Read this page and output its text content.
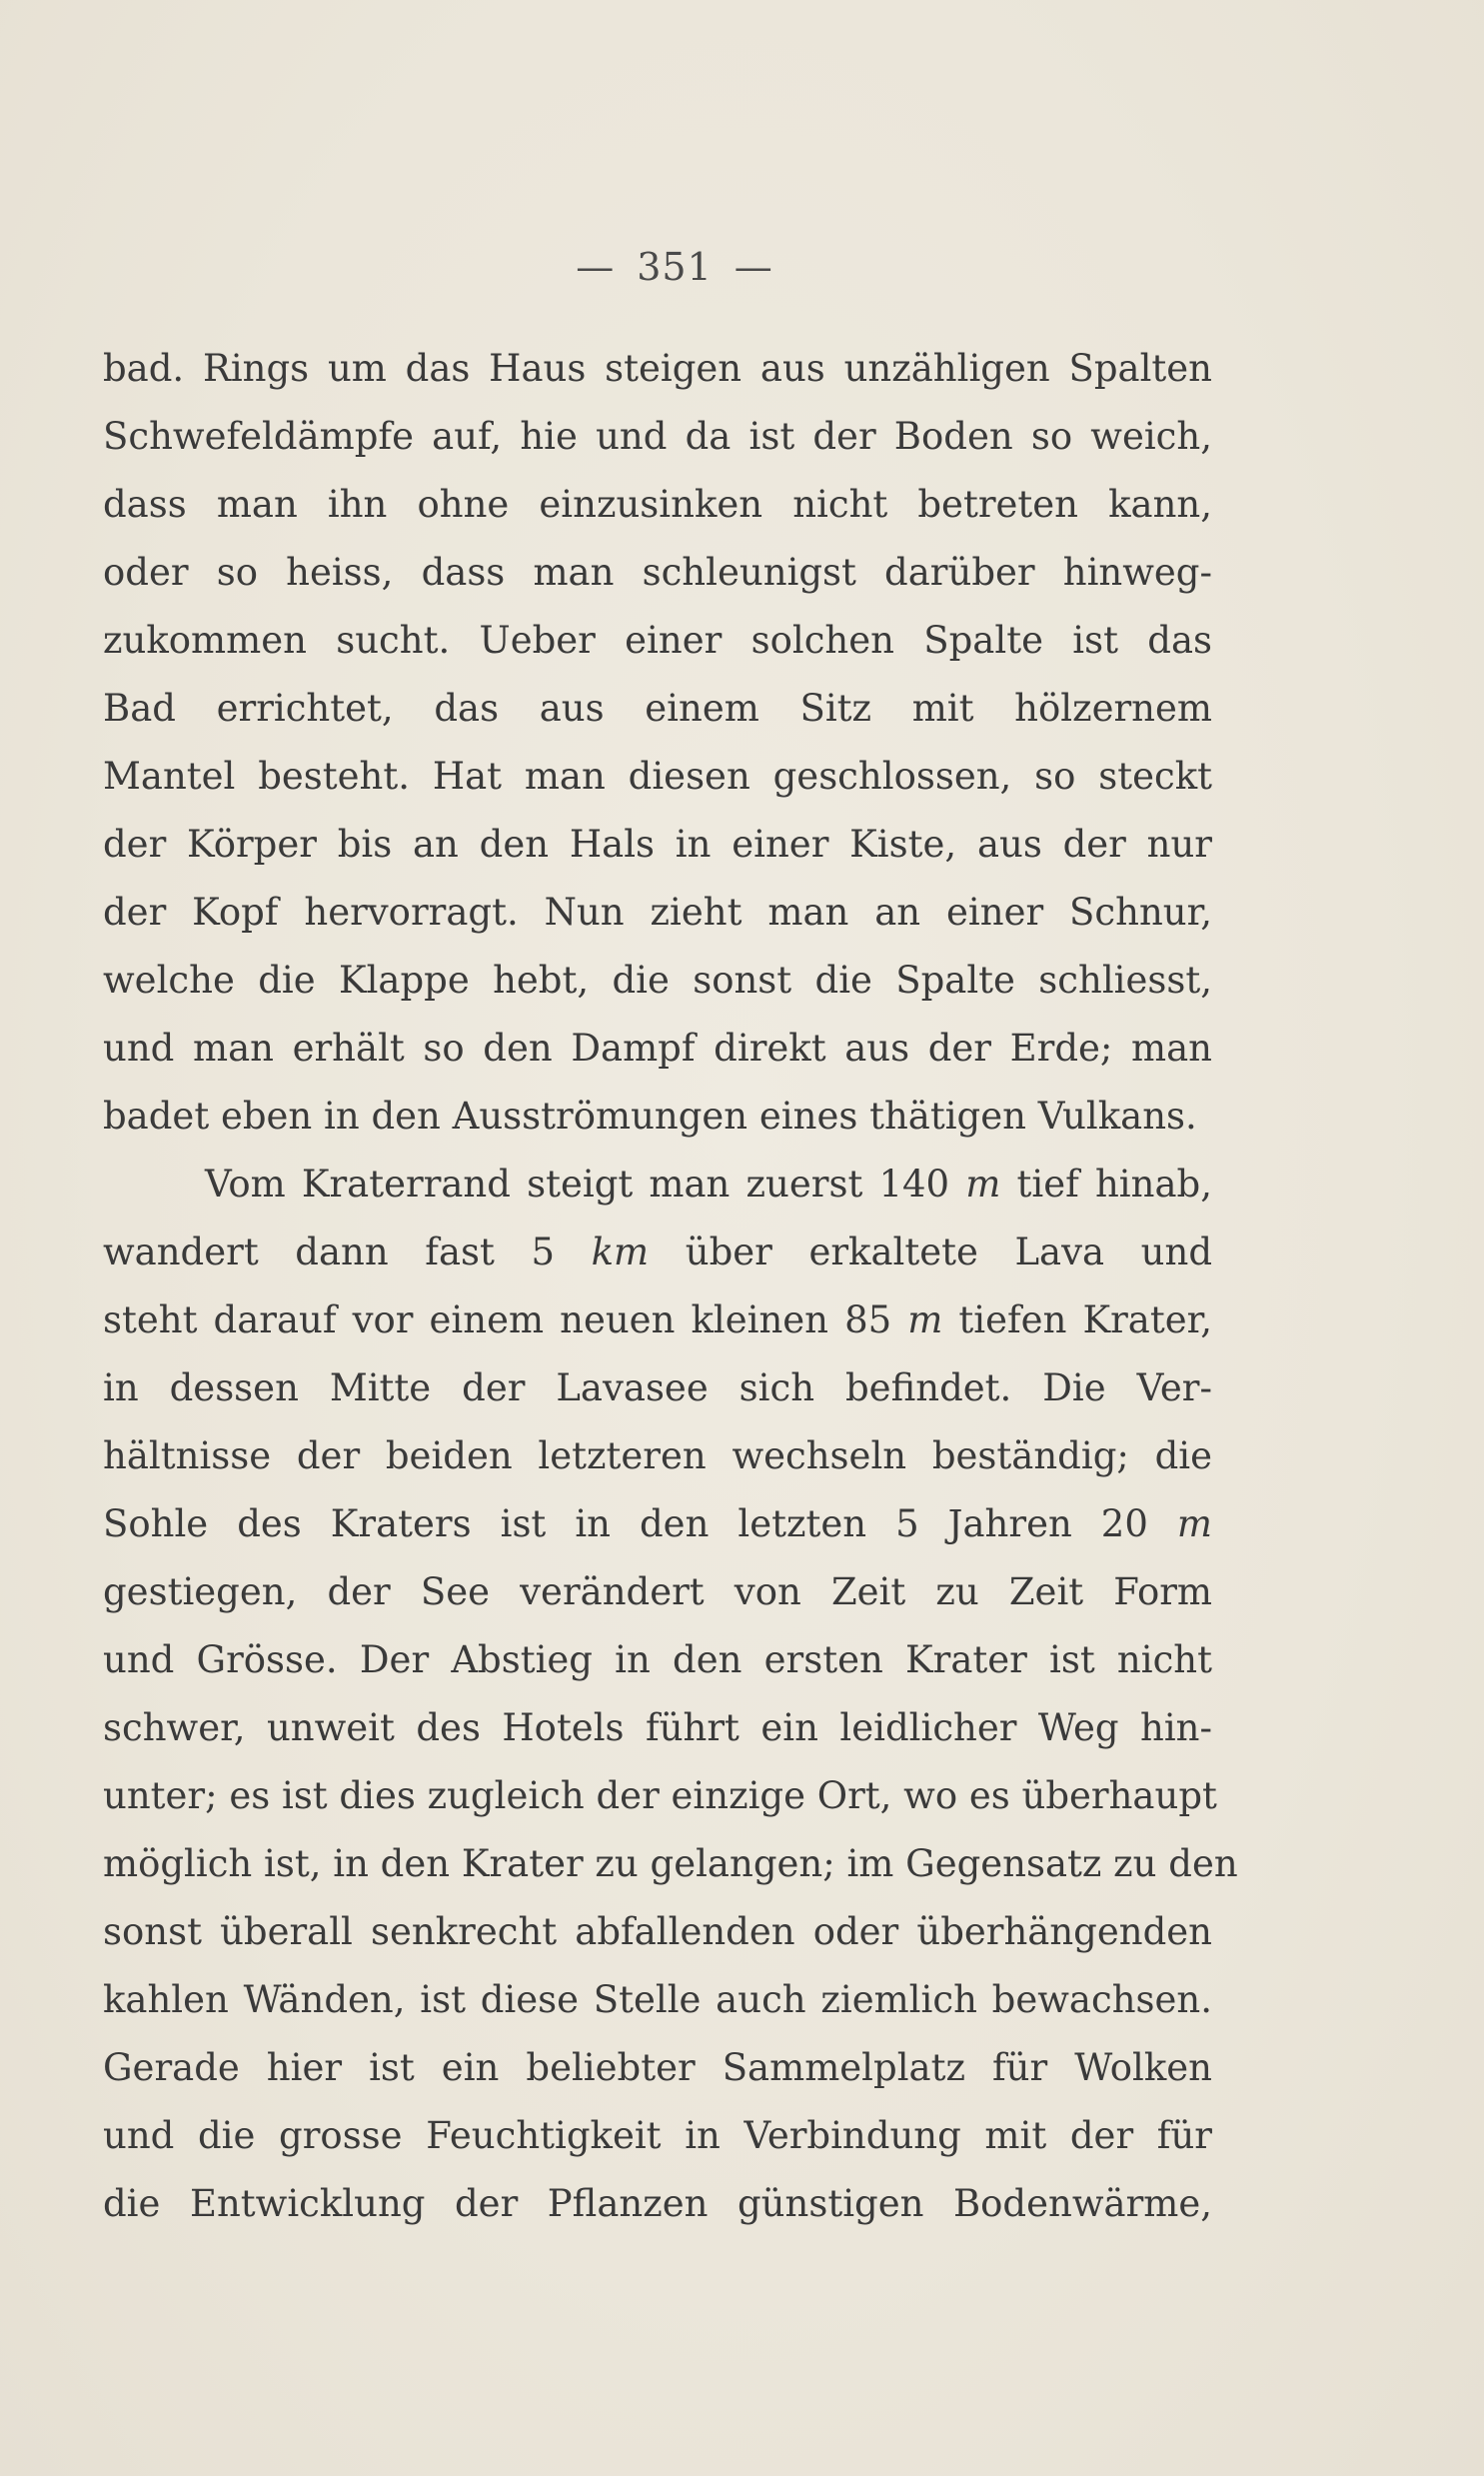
— 351 —
bad. Rings um das Haus steigen aus unzähligen Spalten
Schwefeldämpfe auf, hie und da ist der Boden so weich,
dass man ihn ohne einzusinken nicht betreten kann,
oder so heiss, dass man schleunigst darüber hinweg-
zukommen sucht. Ueber einer solchen Spalte ist das
Bad errichtet, das aus einem Sitz mit hölzernem
Mantel besteht. Hat man diesen geschlossen, so steckt
der Körper bis an den Hals in einer Kiste, aus der nur
der Kopf hervorragt. Nun zieht man an einer Schnur,
welche die Klappe hebt, die sonst die Spalte schliesst,
und man erhält so den Dampf direkt aus der Erde; man
badet eben in den Ausströmungen eines thätigen Vulkans.
Vom Kraterrand steigt man zuerst 140 m tief hinab,
wandert dann fast 5 km über erkaltete Lava und
steht darauf vor einem neuen kleinen 85 m tiefen Krater,
in dessen Mitte der Lavasee sich befindet. Die Ver-
hältnisse der beiden letzteren wechseln beständig; die
Sohle des Kraters ist in den letzten 5 Jahren 20 m
gestiegen, der See verändert von Zeit zu Zeit Form
und Grösse. Der Abstieg in den ersten Krater ist nicht
schwer, unweit des Hotels führt ein leidlicher Weg hin-
unter; es ist dies zugleich der einzige Ort, wo es überhaupt
möglich ist, in den Krater zu gelangen; im Gegensatz zu den
sonst überall senkrecht abfallenden oder überhängenden
kahlen Wänden, ist diese Stelle auch ziemlich bewachsen.
Gerade hier ist ein beliebter Sammelplatz für Wolken
und die grosse Feuchtigkeit in Verbindung mit der für
die Entwicklung der Pflanzen günstigen Bodenwärme,
